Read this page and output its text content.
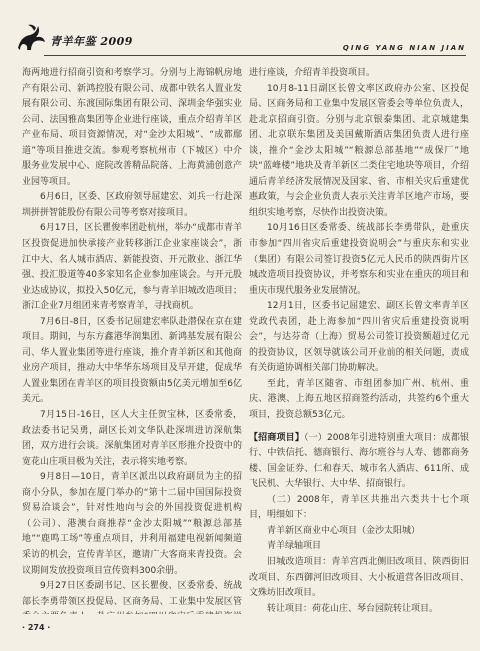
青羊年鉴 2009	QING YANG NIAN JIAN

海两地进行招商引资和考察学习。分别与上海锦帆房地产有限公司、新鸿控股有限公司、成都中铁名人置业发展有限公司、东渡国际集团有限公司、深圳金华强实业公司、法国雅高集团等企业进行座谈，重点介绍青羊区产业布局、项目资源情况，对“金沙太阳城”、“成都鄢道”等项目推进交流。参观考察杭州市（下城区）中介服务业发展中心、庭院改善精品院落、上海黄浦创意产业园等项目。

6月6日，区委、区政府领导屈建宏、刘兵一行赴深圳拼拼智能股份有限公司等考察对接项目。

6月17日，区长瞿俊率团赴杭州，举办“成都市青羊区投资促进加快承接产业转移浙江企业家座谈会”，浙江中大、名人城市酒店、新能投资、开元散业、浙江华强、投汇股道等40多家知名企业参加座谈会。与开元股业达成协议，拟投入50亿元，参与青羊旧城改造项目；浙江企业7月组团来青考察青羊，寻找商机。

7月6日-8日，区委书记屈建宏率队赴潜保在京在建项目。期间，与东方鑫港华润集团、新鸿基发展有限公司、华人置业集团等进行座谈，推介青羊新区和其他商业房产项目，推动大中华华东场项目及早开建，促成华人置业集团在青羊区的项目投资额由5亿美元增加至6亿美元。

7月15日-16日，区人大主任贺宝林，区委常委，政法委书记吴勇，副区长刘文华队赴深圳进访深航集团，双方进行会谈。深航集团对青羊区形推介投资中的宽花山庄项目极为关注，表示将实地考察。

9月8日—10日，青羊区派出以政府副员为主的招商小分队，参加在厦门举办的“第十二届中国国际投资贸易洽谈会”，针对性地向与会的外国投资促进机构（公司）、港澳台商推荐“金沙太阳城”“粮源总部基地”“鹿鸣工场”等重点项目，并利用福建电视新闻频道采访的机会，宣传青羊区，邀请广大客商来青投资。会议期间发放投资项目宣传资料300余册。

9月27日区委副书记、区长瞿俊、区委常委、统战部长李勇带领区投促局、区商务局、工业集中发展区管

进行座谈，介绍青羊投资项目。

10月8-11日副区长曾文率区政府办公室、区投促局、区商务局和工业集中发展区管委会等单位负责人，赴北京招商引资。分别与北京银泰集团、北京城建集团、北京联东集团及美国戴斯酒店集团负责人进行座谈，推介“金沙太阳城”“粮源总部基地”“成保厂”地块“蓝峰楼”地块及青羊新区二类住宅地块等项目，介绍通后青羊经济发展情况及国家、省、市相关灾后重建优惠政策，与会企业负责人表示关注青羊区地产市场，要组织实地考察，尽快作出投资决策。

10月16日区委常委、统战部长李勇带队，赴重庆市参加“四川省灾后重建投资说明会”与重庆东和实业（集团）有限公司签订投资5亿元人民币的陕西街片区城改造项目投资协议，并考察东和实业在重庆的项目和重庆市现代服务业发展情况。

12月1日，区委书记屈建宏、副区长曾文率青羊区党政代表团，赴上海参加“四川省灾后重建投资说明会”，与达芬奇（上海）贸易公司签订投资额超过亿元的投资协议，区领导就该公司开业前的相关问题，责成有关街道协调相关部门协助解决。

至此，青羊区随省、市组团参加广州、杭州、重庆、港澳、上海五地区招商签约活动，共签约6个重大项目，投资总额53亿元。

【招商项目】（一）2008年引进特别重大项目：成都银行、中铁信托、德商银行、海尔班谷与人寿、德都商务楼、国金证券、仁和春天、城市名人酒店、611所、成飞民机、大华银行、大中华、招商银行。

（二）2008年，青羊区共推出六类共十七个项目，明细如下：

青羊新区商业中心项目（金沙太阳城）

青羊绿轴项目

旧城改造项目：青羊宫西北侧旧改项目、陕西街旧改项目、东西御河旧改项目、大小板道营各旧改项目、文殊坊旧改项目。

转让项目：荷花山庄、琴台园院转让项目。

· 274 ·
